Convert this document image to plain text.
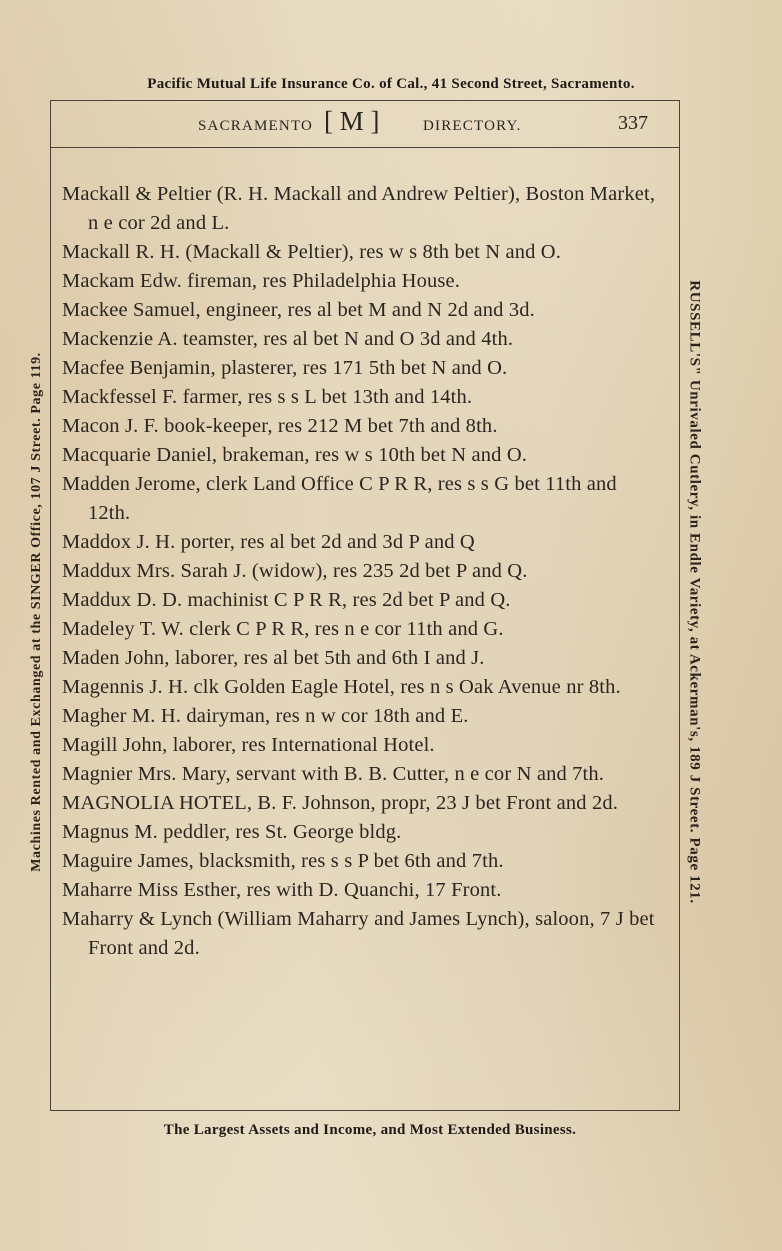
Pacific Mutual Life Insurance Co. of Cal., 41 Second Street, Sacramento.
Machines Rented and Exchanged at the SINGER Office, 107 J Street. Page 119.	RUSSELL'S" Unrivaled Cutlery, in Endle Variety, at Ackerman's, 189 J Street. Page 121.
SACRAMENTO [ M ]	DIRECTORY.	337
Mackall & Peltier (R. H. Mackall and Andrew Peltier), Boston Market, n e cor 2d and L.
Mackall R. H. (Mackall & Peltier), res w s 8th bet N and O.
Mackam Edw. fireman, res Philadelphia House.
Mackee Samuel, engineer, res al bet M and N 2d and 3d.
Mackenzie A. teamster, res al bet N and O 3d and 4th.
Macfee Benjamin, plasterer, res 171 5th bet N and O.
Mackfessel F. farmer, res s s L bet 13th and 14th.
Macon J. F. book-keeper, res 212 M bet 7th and 8th.
Macquarie Daniel, brakeman, res w s 10th bet N and O.
Madden Jerome, clerk Land Office C P R R, res s s G bet 11th and 12th.
Maddox J. H. porter, res al bet 2d and 3d P and Q
Maddux Mrs. Sarah J. (widow), res 235 2d bet P and Q.
Maddux D. D. machinist C P R R, res 2d bet P and Q.
Madeley T. W. clerk C P R R, res n e cor 11th and G.
Maden John, laborer, res al bet 5th and 6th I and J.
Magennis J. H. clk Golden Eagle Hotel, res n s Oak Avenue nr 8th.
Magher M. H. dairyman, res n w cor 18th and E.
Magill John, laborer, res International Hotel.
Magnier Mrs. Mary, servant with B. B. Cutter, n e cor N and 7th.
MAGNOLIA HOTEL, B. F. Johnson, propr, 23 J bet Front and 2d.
Magnus M. peddler, res St. George bldg.
Maguire James, blacksmith, res s s P bet 6th and 7th.
Maharre Miss Esther, res with D. Quanchi, 17 Front.
Maharry & Lynch (William Maharry and James Lynch), saloon, 7 J bet Front and 2d.
The Largest Assets and Income, and Most Extended Business.
